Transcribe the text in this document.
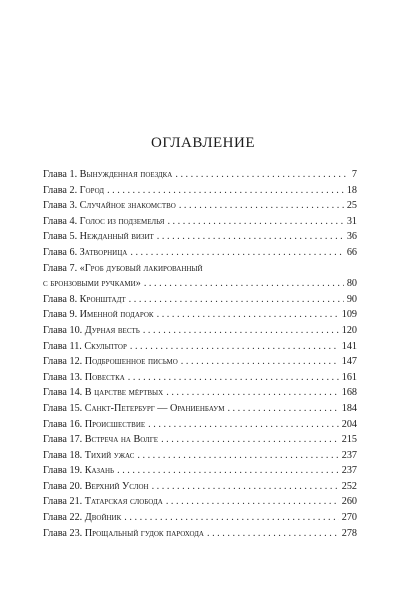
оглавление
Глава 1.
Вынужденная поездка . . .	7
Глава 2.
Город . . .	18
Глава 3.
Случайное знакомство . . .	25
Глава 4.
Голос из подземелья . . .	31
Глава 5.
Нежданный визит . . .	36
Глава 6.
Затворница . . .	66
Глава 7. «Гроб дубовый лакированный
с бронзовыми ручками» . . .	80
Глава 8.
Кронштадт . . .	90
Глава 9.
Именной подарок . . .	109
Глава 10.
Дурная весть . . .	120
Глава 11.
Скульптор . . .	141
Глава 12.
Подброшенное письмо . . .	147
Глава 13.
Повестка . . .	161
Глава 14.
В царстве мёртвых . . .	168
Глава 15.
Санкт-Петербург — Ораниенбаум . . .	184
Глава 16.
Происшествие . . .	204
Глава 17.
Встреча на Волге . . .	215
Глава 18.
Тихий ужас . . .	237
Глава 19.
Казань . . .	237
Глава 20.
Верхний Услон . . .	252
Глава 21.
Татарская слобода . . .	260
Глава 22.
Двойник . . .	270
Глава 23.
Прощальный гудок парохода . . .	278
